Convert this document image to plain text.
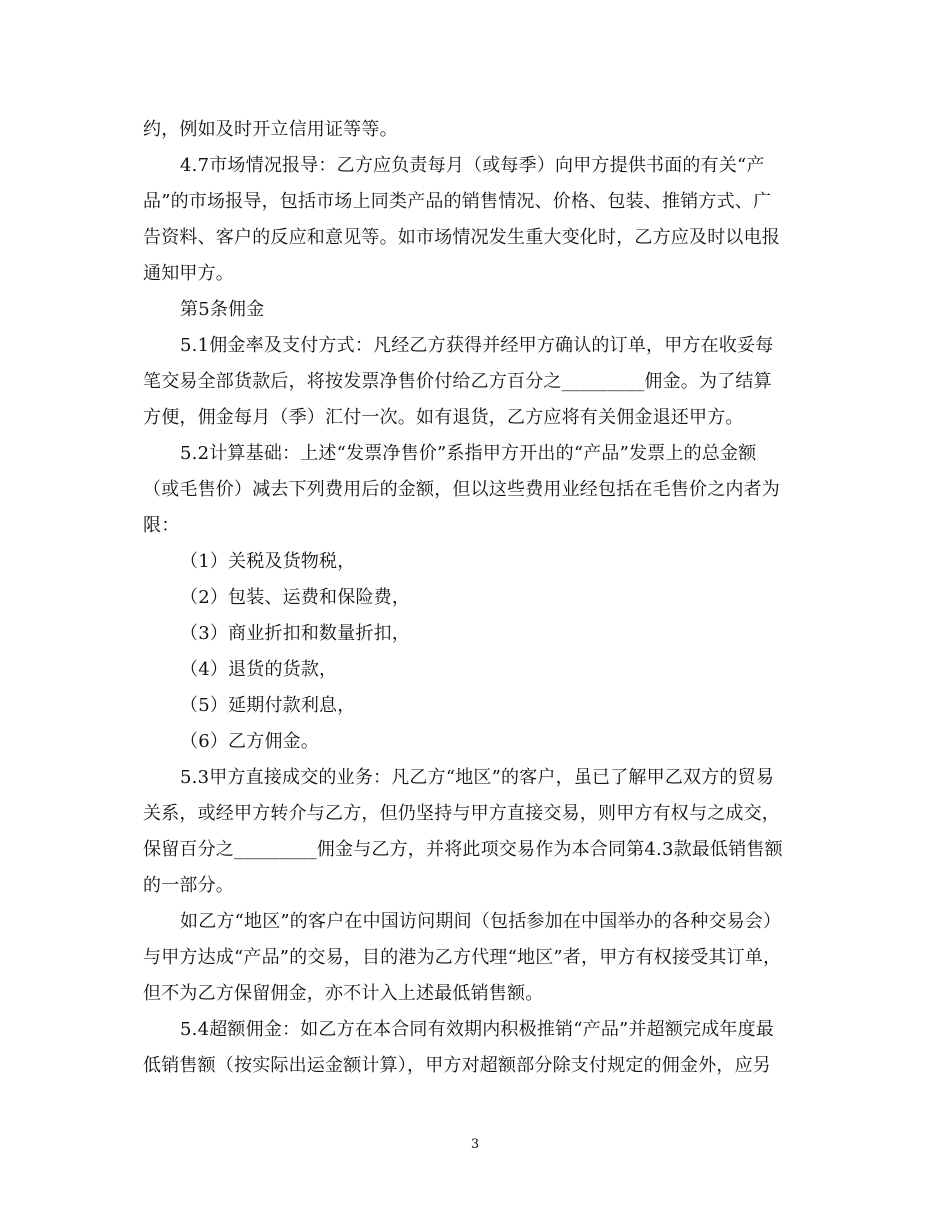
约，例如及时开立信用证等等。
4.7市场情况报导：乙方应负责每月（或每季）向甲方提供书面的有关“产
品”的市场报导，包括市场上同类产品的销售情况、价格、包装、推销方式、广
告资料、客户的反应和意见等。如市场情况发生重大变化时，乙方应及时以电报
通知甲方。
第5条佣金
5.1佣金率及支付方式：凡经乙方获得并经甲方确认的订单，甲方在收妥每
笔交易全部货款后，将按发票净售价付给乙方百分之_________佣金。为了结算
方便，佣金每月（季）汇付一次。如有退货，乙方应将有关佣金退还甲方。
5.2计算基础：上述“发票净售价”系指甲方开出的“产品”发票上的总金额
（或毛售价）减去下列费用后的金额，但以这些费用业经包括在毛售价之内者为
限：
（1）关税及货物税，
（2）包装、运费和保险费，
（3）商业折扣和数量折扣，
（4）退货的货款，
（5）延期付款利息，
（6）乙方佣金。
5.3甲方直接成交的业务：凡乙方“地区”的客户，虽已了解甲乙双方的贸易
关系，或经甲方转介与乙方，但仍坚持与甲方直接交易，则甲方有权与之成交，
保留百分之_________佣金与乙方，并将此项交易作为本合同第4.3款最低销售额
的一部分。
如乙方“地区”的客户在中国访问期间（包括参加在中国举办的各种交易会）
与甲方达成“产品”的交易，目的港为乙方代理“地区”者，甲方有权接受其订单，
但不为乙方保留佣金，亦不计入上述最低销售额。
5.4超额佣金：如乙方在本合同有效期内积极推销“产品”并超额完成年度最
低销售额（按实际出运金额计算），甲方对超额部分除支付规定的佣金外，应另
3
